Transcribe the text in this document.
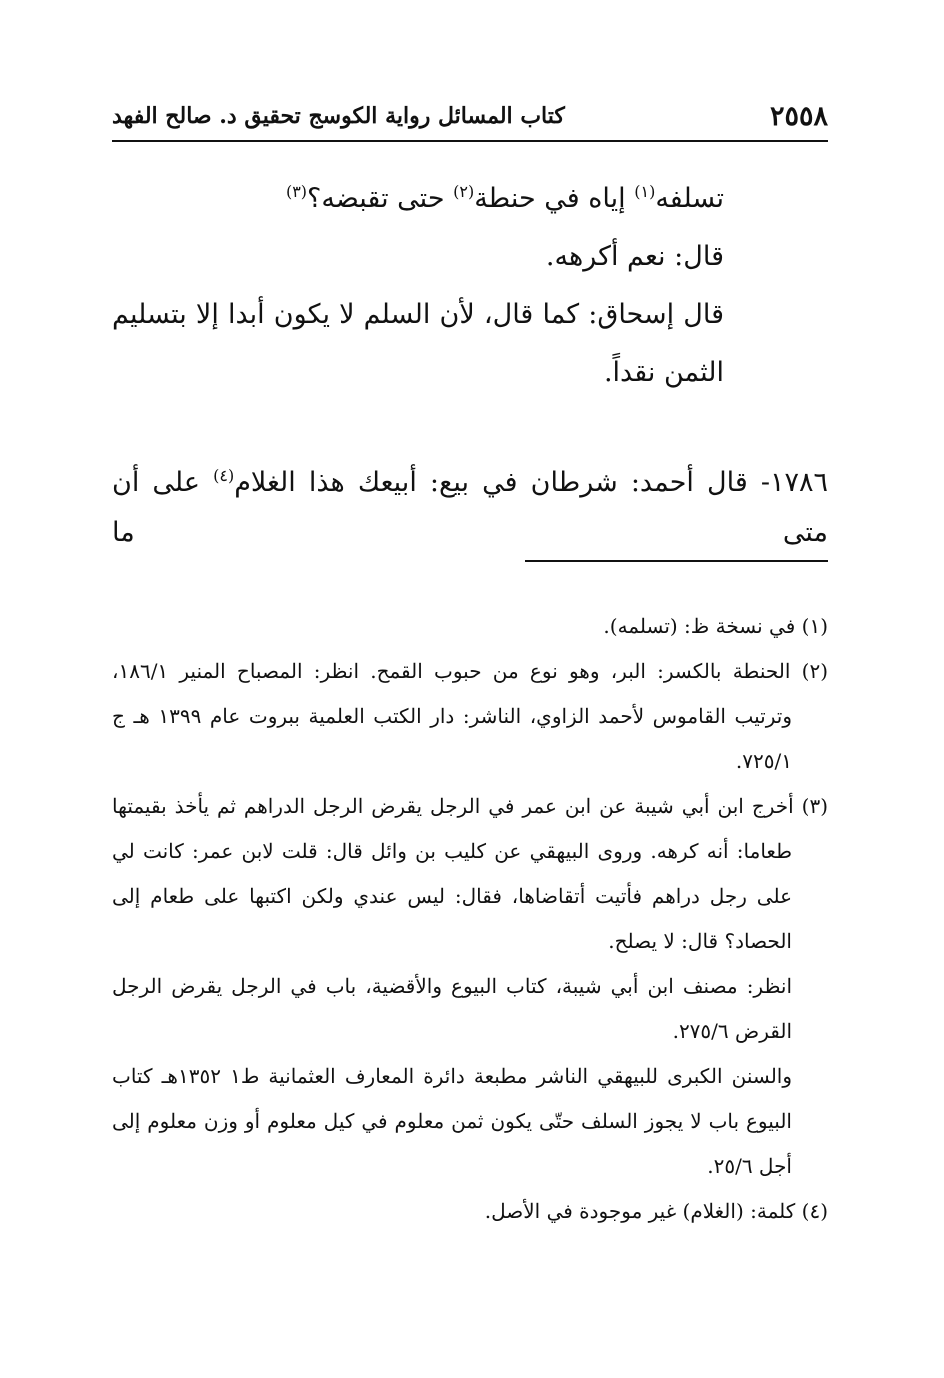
٢٥٥٨
كتاب المسائل رواية الكوسج تحقيق د. صالح الفهد

تسلفه$^{(١)}$ إياه في حنطة$^{(٢)}$ حتى تقبضه؟$^{(٣)}$

قال: نعم أكرهه.

قال إسحاق: كما قال، لأن السلم لا يكون أبدا إلا بتسليم الثمن نقداً.

١٧٨٦- قال أحمد: شرطان في بيع: أبيعك هذا الغلام$^{(٤)}$ على أن متى ما

(١) في نسخة ظ: (تسلمه).

(٢) الحنطة بالكسر: البر، وهو نوع من حبوب القمح. انظر: المصباح المنير ١٨٦/١، وترتيب القاموس لأحمد الزاوي، الناشر: دار الكتب العلمية ببروت عام ١٣٩٩ هـ ج ٧٢٥/١.

(٣) أخرج ابن أبي شيبة عن ابن عمر في الرجل يقرض الرجل الدراهم ثم يأخذ بقيمتها طعاما: أنه كرهه. وروى البيهقي عن كليب بن وائل قال: قلت لابن عمر: كانت لي على رجل دراهم فأتيت أتقاضاها، فقال: ليس عندي ولكن اكتبها على طعام إلى الحصاد؟ قال: لا يصلح.

انظر: مصنف ابن أبي شيبة، كتاب البيوع والأقضية، باب في الرجل يقرض الرجل القرض ٢٧٥/٦.

والسنن الكبرى للبيهقي الناشر مطبعة دائرة المعارف العثمانية ط١ ١٣٥٢هـ كتاب البيوع باب لا يجوز السلف حتّى يكون ثمن معلوم في كيل معلوم أو وزن معلوم إلى أجل ٢٥/٦.

(٤) كلمة: (الغلام) غير موجودة في الأصل.
